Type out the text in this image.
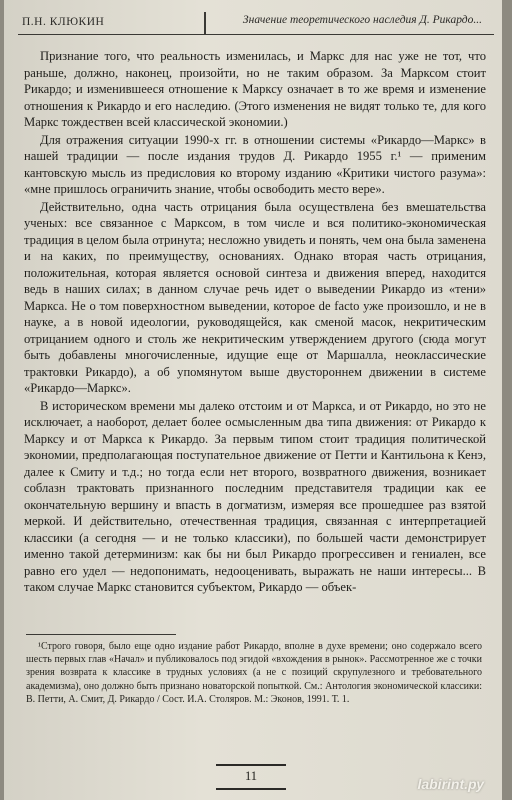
П.Н. КЛЮКИН	Значение теоретического наследия Д. Рикардо...

Признание того, что реальность изменилась, и Маркс для нас уже не тот, что раньше, должно, наконец, произойти, но не таким образом. За Марксом стоит Рикардо; и изменившееся отношение к Марксу означает в то же время и изменение отношения к Рикардо и его наследию. (Этого изменения не видят только те, для кого Маркс тождествен всей классической экономии.)

Для отражения ситуации 1990-х гг. в отношении системы «Рикардо—Маркс» в нашей традиции — после издания трудов Д. Рикардо 1955 г.¹ — применим кантовскую мысль из предисловия ко второму изданию «Критики чистого разума»: «мне пришлось ограничить знание, чтобы освободить место вере».

Действительно, одна часть отрицания была осуществлена без вмешательства ученых: все связанное с Марксом, в том числе и вся политико-экономическая традиция в целом была отринута; несложно увидеть и понять, чем она была заменена и на каких, по преимуществу, основаниях. Однако вторая часть отрицания, положительная, которая является основой синтеза и движения вперед, находится ведь в наших силах; в данном случае речь идет о выведении Рикардо из «тени» Маркса. Не о том поверхностном выведении, которое de facto уже произошло, и не в науке, а в новой идеологии, руководящейся, как сменой масок, некритическим отрицанием одного и столь же некритическим утверждением другого (сюда могут быть добавлены многочисленные, идущие еще от Маршалла, неоклассические трактовки Рикардо), а об упомянутом выше двустороннем движении в системе «Рикардо—Маркс».

В историческом времени мы далеко отстоим и от Маркса, и от Рикардо, но это не исключает, а наоборот, делает более осмысленным два типа движения: от Рикардо к Марксу и от Маркса к Рикардо. За первым типом стоит традиция политической экономии, предполагающая поступательное движение от Петти и Кантильона к Кенэ, далее к Смиту и т.д.; но тогда если нет второго, возвратного движения, возникает соблазн трактовать признанного последним представителя традиции как ее окончательную вершину и впасть в догматизм, измеряя все прошедшее раз взятой меркой. И действительно, отечественная традиция, связанная с интерпретацией классики (а сегодня — и не только классики), по большей части демонстрирует именно такой детерминизм: как бы ни был Рикардо прогрессивен и гениален, все равно его удел — недопонимать, недооценивать, выражать не наши интересы... В таком случае Маркс становится субъектом, Рикардо — объек-

¹Строго говоря, было еще одно издание работ Рикардо, вполне в духе времени; оно содержало всего шесть первых глав «Начал» и публиковалось под эгидой «вхождения в рынок». Рассмотренное же с точки зрения возврата к классике в трудных условиях (а не с позиций скрупулезного и требовательного академизма), оно должно быть признано новаторской попыткой. См.: Антология экономической классики: В. Петти, А. Смит, Д. Рикардо / Сост. И.А. Столяров. М.: Эконов, 1991. Т. 1.
11	labirint.ру
